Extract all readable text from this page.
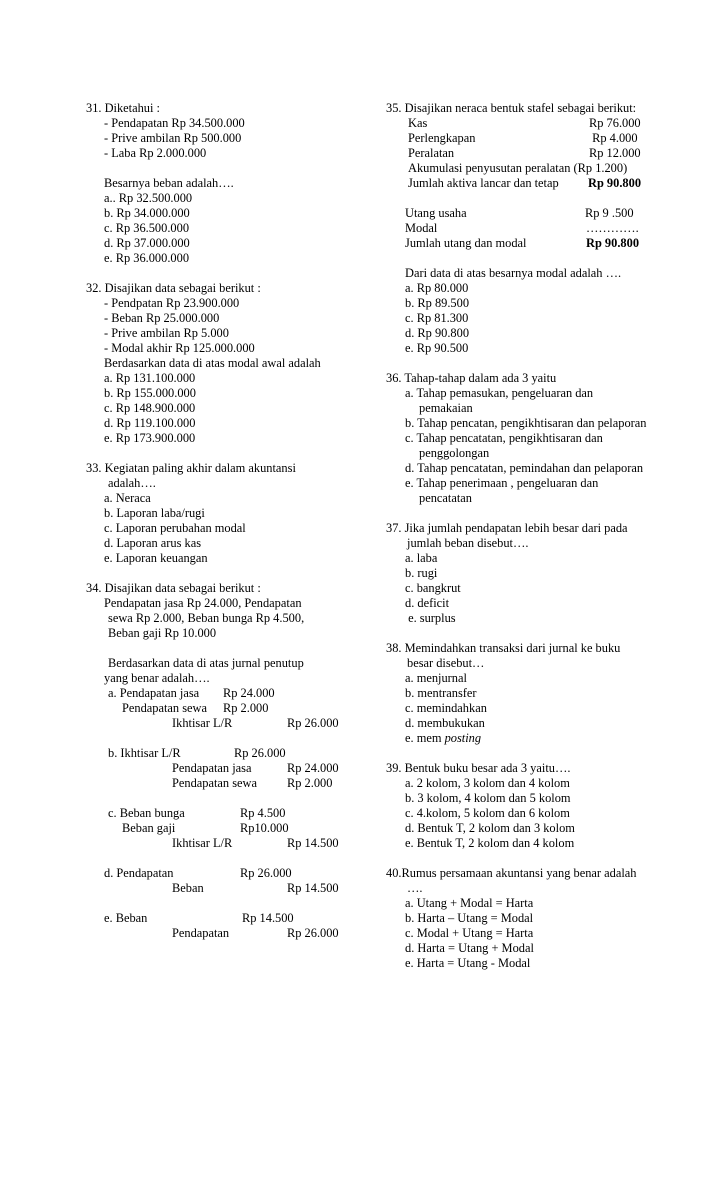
31. Diketahui :
- Pendapatan Rp 34.500.000
- Prive ambilan Rp 500.000
- Laba Rp 2.000.000
Besarnya beban adalah….
a.. Rp 32.500.000
b. Rp 34.000.000
c. Rp 36.500.000
d. Rp 37.000.000
e. Rp 36.000.000
32. Disajikan data sebagai berikut :
- Pendpatan Rp 23.900.000
- Beban Rp 25.000.000
- Prive ambilan Rp 5.000
- Modal akhir Rp 125.000.000
Berdasarkan data di atas modal awal adalah
a. Rp 131.100.000
b. Rp 155.000.000
c. Rp 148.900.000
d. Rp 119.100.000
e. Rp 173.900.000
33. Kegiatan paling akhir dalam akuntansi
adalah….
a. Neraca
b. Laporan laba/rugi
c. Laporan perubahan modal
d. Laporan arus kas
e. Laporan keuangan
34. Disajikan data sebagai berikut :
Pendapatan jasa Rp 24.000, Pendapatan
sewa Rp 2.000, Beban bunga Rp 4.500,
Beban gaji Rp 10.000
Berdasarkan data di atas jurnal penutup
yang benar adalah….
a. Pendapatan jasa Rp 24.000
Pendapatan sewa Rp 2.000
Ikhtisar L/R	Rp 26.000
b. Ikhtisar L/R	Rp 26.000
Pendapatan jasa	Rp 24.000
Pendapatan sewa Rp 2.000
c. Beban bunga	Rp 4.500
Beban gaji	Rp10.000
Ikhtisar L/R	Rp 14.500
d. Pendapatan	Rp 26.000
Beban	Rp 14.500
e. Beban	Rp 14.500
Pendapatan	Rp 26.000
35. Disajikan neraca bentuk stafel sebagai berikut:
Kas	Rp 76.000
Perlengkapan	Rp 4.000
Peralatan	Rp 12.000
Akumulasi penyusutan peralatan (Rp 1.200)
Jumlah aktiva lancar dan tetap Rp 90.800
Utang usaha	Rp 9 .500
Modal	………….
Jumlah utang dan modal	Rp 90.800
Dari data di atas besarnya modal adalah ….
a. Rp 80.000
b. Rp 89.500
c. Rp 81.300
d. Rp 90.800
e. Rp 90.500
36. Tahap-tahap dalam ada 3 yaitu
a. Tahap pemasukan, pengeluaran dan
pemakaian
b. Tahap pencatan, pengikhtisaran dan pelaporan
c. Tahap pencatatan, pengikhtisaran dan
penggolongan
d. Tahap pencatatan, pemindahan dan pelaporan
e. Tahap penerimaan , pengeluaran dan
pencatatan
37. Jika jumlah pendapatan lebih besar dari pada
jumlah beban disebut….
a. laba
b. rugi
c. bangkrut
d. deficit
e. surplus
38. Memindahkan transaksi dari jurnal ke buku
besar disebut…
a. menjurnal
b. mentransfer
c. memindahkan
d. membukukan
e. mem posting
39. Bentuk buku besar ada 3 yaitu….
a. 2 kolom, 3 kolom dan 4 kolom
b. 3 kolom, 4 kolom dan 5 kolom
c. 4.kolom, 5 kolom dan 6 kolom
d. Bentuk T, 2 kolom dan 3 kolom
e. Bentuk T, 2 kolom dan 4 kolom
40.Rumus persamaan akuntansi yang benar adalah
….
a. Utang + Modal = Harta
b. Harta – Utang = Modal
c. Modal + Utang = Harta
d. Harta = Utang + Modal
e. Harta = Utang - Modal
